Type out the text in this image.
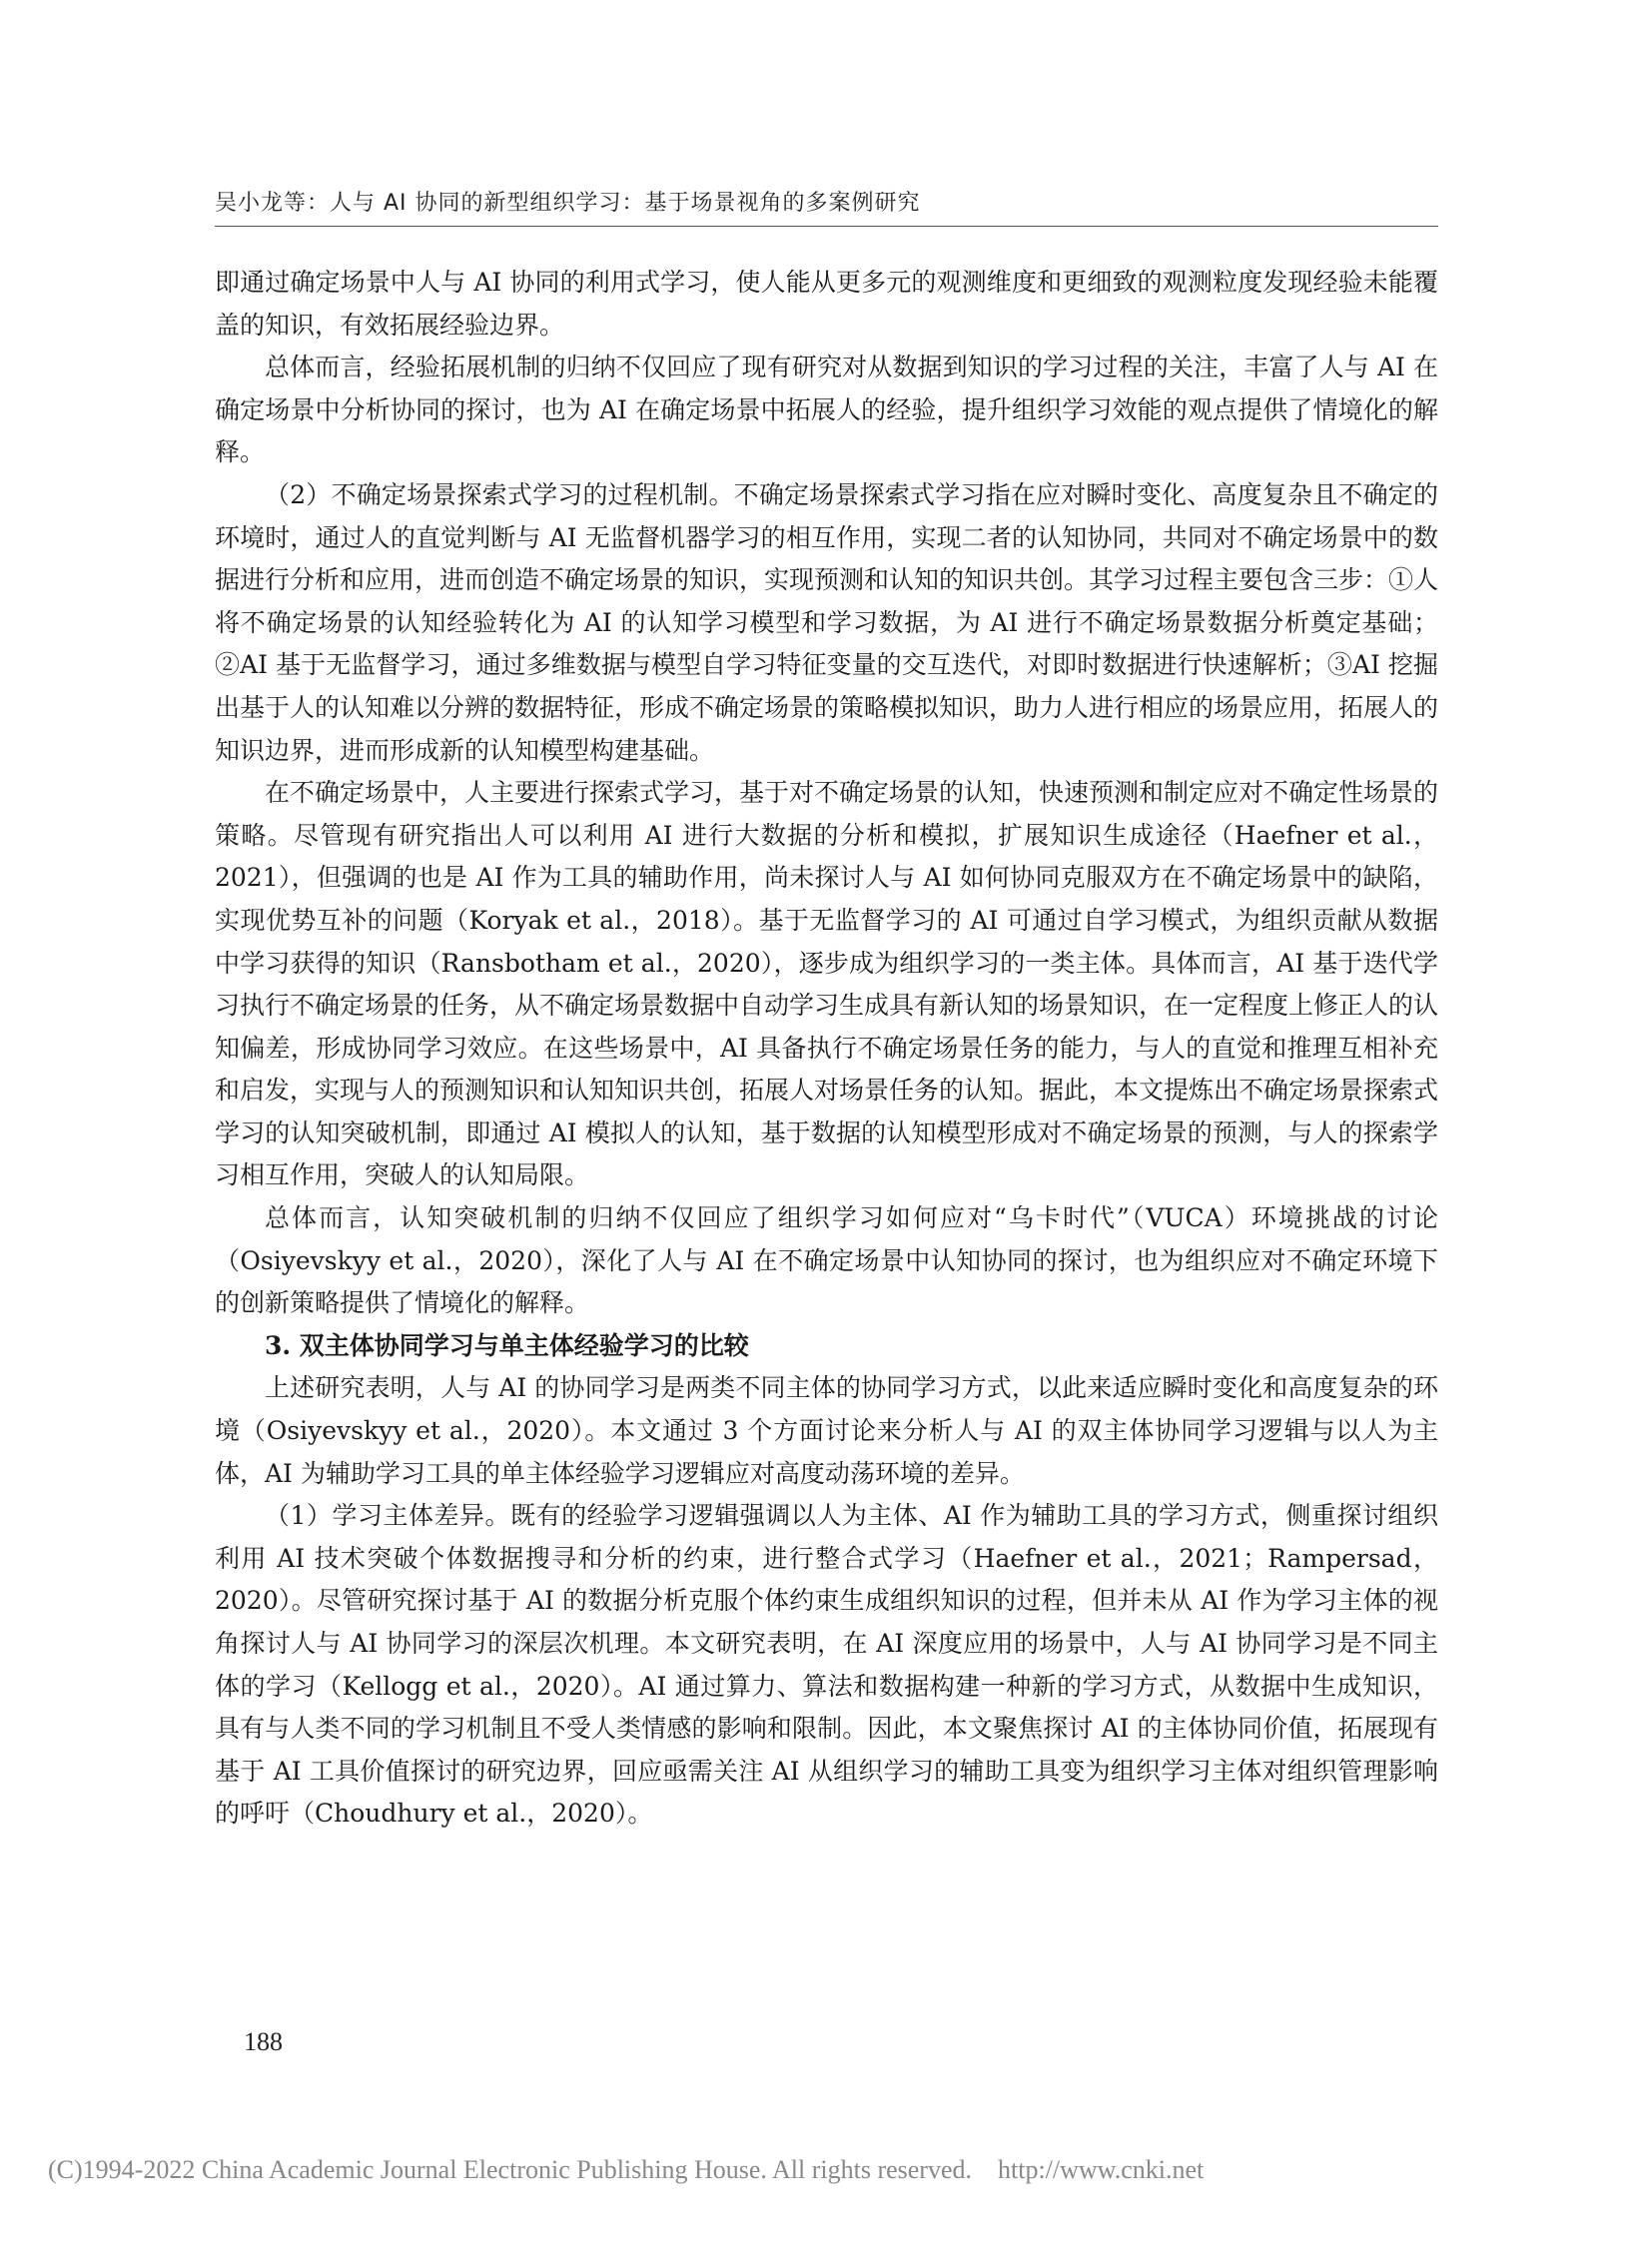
吴小龙等：人与 AI 协同的新型组织学习：基于场景视角的多案例研究

即通过确定场景中人与 AI 协同的利用式学习，使人能从更多元的观测维度和更细致的观测粒度发现经验未能覆盖的知识，有效拓展经验边界。

总体而言，经验拓展机制的归纳不仅回应了现有研究对从数据到知识的学习过程的关注，丰富了人与 AI 在确定场景中分析协同的探讨，也为 AI 在确定场景中拓展人的经验，提升组织学习效能的观点提供了情境化的解释。

（2）不确定场景探索式学习的过程机制。不确定场景探索式学习指在应对瞬时变化、高度复杂且不确定的环境时，通过人的直觉判断与 AI 无监督机器学习的相互作用，实现二者的认知协同，共同对不确定场景中的数据进行分析和应用，进而创造不确定场景的知识，实现预测和认知的知识共创。其学习过程主要包含三步：①人将不确定场景的认知经验转化为 AI 的认知学习模型和学习数据，为 AI 进行不确定场景数据分析奠定基础；②AI 基于无监督学习，通过多维数据与模型自学习特征变量的交互迭代，对即时数据进行快速解析；③AI 挖掘出基于人的认知难以分辨的数据特征，形成不确定场景的策略模拟知识，助力人进行相应的场景应用，拓展人的知识边界，进而形成新的认知模型构建基础。

在不确定场景中，人主要进行探索式学习，基于对不确定场景的认知，快速预测和制定应对不确定性场景的策略。尽管现有研究指出人可以利用 AI 进行大数据的分析和模拟，扩展知识生成途径（Haefner et al.，2021），但强调的也是 AI 作为工具的辅助作用，尚未探讨人与 AI 如何协同克服双方在不确定场景中的缺陷，实现优势互补的问题（Koryak et al.，2018）。基于无监督学习的 AI 可通过自学习模式，为组织贡献从数据中学习获得的知识（Ransbotham et al.，2020），逐步成为组织学习的一类主体。具体而言，AI 基于迭代学习执行不确定场景的任务，从不确定场景数据中自动学习生成具有新认知的场景知识，在一定程度上修正人的认知偏差，形成协同学习效应。在这些场景中，AI 具备执行不确定场景任务的能力，与人的直觉和推理互相补充和启发，实现与人的预测知识和认知知识共创，拓展人对场景任务的认知。据此，本文提炼出不确定场景探索式学习的认知突破机制，即通过 AI 模拟人的认知，基于数据的认知模型形成对不确定场景的预测，与人的探索学习相互作用，突破人的认知局限。

总体而言，认知突破机制的归纳不仅回应了组织学习如何应对“乌卡时代”（VUCA）环境挑战的讨论（Osiyevskyy et al.，2020），深化了人与 AI 在不确定场景中认知协同的探讨，也为组织应对不确定环境下的创新策略提供了情境化的解释。

3. 双主体协同学习与单主体经验学习的比较

上述研究表明，人与 AI 的协同学习是两类不同主体的协同学习方式，以此来适应瞬时变化和高度复杂的环境（Osiyevskyy et al.，2020）。本文通过 3 个方面讨论来分析人与 AI 的双主体协同学习逻辑与以人为主体，AI 为辅助学习工具的单主体经验学习逻辑应对高度动荡环境的差异。

（1）学习主体差异。既有的经验学习逻辑强调以人为主体、AI 作为辅助工具的学习方式，侧重探讨组织利用 AI 技术突破个体数据搜寻和分析的约束，进行整合式学习（Haefner et al.，2021；Rampersad，2020）。尽管研究探讨基于 AI 的数据分析克服个体约束生成组织知识的过程，但并未从 AI 作为学习主体的视角探讨人与 AI 协同学习的深层次机理。本文研究表明，在 AI 深度应用的场景中，人与 AI 协同学习是不同主体的学习（Kellogg et al.，2020）。AI 通过算力、算法和数据构建一种新的学习方式，从数据中生成知识，具有与人类不同的学习机制且不受人类情感的影响和限制。因此，本文聚焦探讨 AI 的主体协同价值，拓展现有基于 AI 工具价值探讨的研究边界，回应亟需关注 AI 从组织学习的辅助工具变为组织学习主体对组织管理影响的呼吁（Choudhury et al.，2020）。

188
(C)1994-2022 China Academic Journal Electronic Publishing House. All rights reserved.    http://www.cnki.net
